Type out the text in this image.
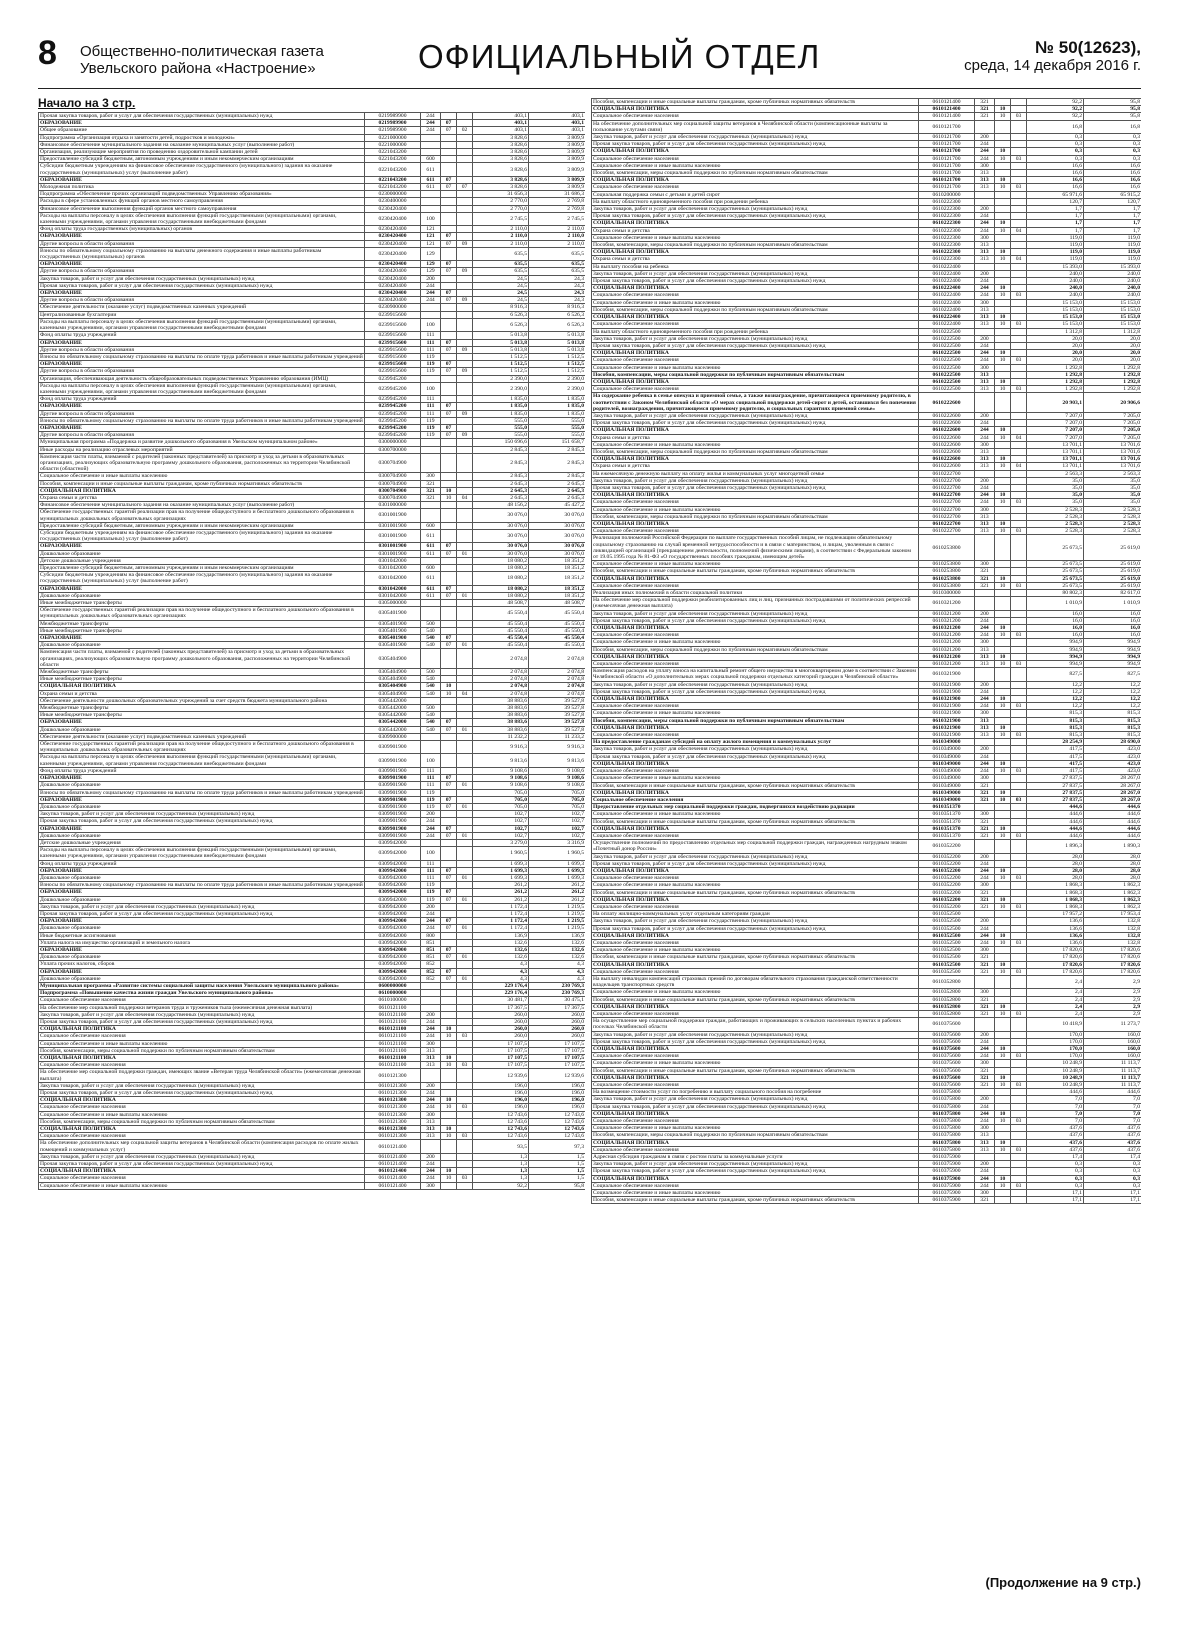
8 Общественно-политическая газета
Увельского района «Настроение»	ОФИЦИАЛЬНЫЙ ОТДЕЛ	№ 50(12623),
среда, 14 декабря 2016 г.
Начало на 3 стр.
Прочая закупка товаров, работ и услуг для обеспечения государственных (муниципальных) нужд	0219989900	244			403,1	403,1
ОБРАЗОВАНИЕ	0219989900	244	07		403,1	403,1
Общее образование	0219989900	244	07	02	403,1	403,1
Подпрограмма «Организация отдыха и занятости детей, подростков и молодежи»	0221000000				3 828,6	3 809,9
Финансовое обеспечение муниципального задания на оказание муниципальных услуг (выполнение работ)	0221000000				3 828,6	3 809,9
Организация, реализующие мероприятия по проведению оздоровительной кампании детей	0221043200				3 828,6	3 809,9
Предоставление субсидий бюджетным, автономным учреждениям и иным некоммерческим организациям	0221043200	600			3 828,6	3 809,9
Субсидии бюджетным учреждениям на финансовое обеспечение государственного (муниципального) задания на оказание государственных (муниципальных) услуг (выполнение работ)	0221043200	611			3 828,6	3 809,9
ОБРАЗОВАНИЕ	0221043200	611	07		3 828,6	3 809,9
Молодежная политика	0221043200	611	07	07	3 828,6	3 809,9
Подпрограмма «Обеспечение прочих организаций подведомственных Управлению образования»	0230000000				31 656,3	31 686,3
Расходы в сфере установленных функций органов местного самоуправления	0230400000				2 770,0	2 769,8
Финансовое обеспечение выполнения функций органов местного самоуправления	0230420400				2 770,0	2 769,8
Расходы на выплаты персоналу в целях обеспечения выполнения функций государственными (муниципальными) органами, казенными учреждениями, органами управления государственными внебюджетными фондами	0230420400	100			2 745,5	2 745,5
Фонд оплаты труда государственных (муниципальных) органов	0230420400	121			2 110,0	2 110,0
ОБРАЗОВАНИЕ	0230420400	121	07		2 110,0	2 110,0
Другие вопросы в области образования	0230420400	121	07	09	2 110,0	2 110,0
Взносы по обязательному социальному страхованию на выплаты денежного содержания и иные выплаты работникам государственных (муниципальных) органов	0230420400	129			635,5	635,5
ОБРАЗОВАНИЕ	0230420400	129	07		635,5	635,5
Другие вопросы в области образования	0230420400	129	07	09	635,5	635,5
Закупка товаров, работ и услуг для обеспечения государственных (муниципальных) нужд	0230420400	200			24,5	24,3
Прочая закупка товаров, работ и услуг для обеспечения государственных (муниципальных) нужд	0230420400	244			24,5	24,3
ОБРАЗОВАНИЕ	0230420400	244	07		24,5	24,3
Другие вопросы в области образования	0230420400	244	07	09	24,5	24,3
Обеспечение деятельности (оказание услуг) подведомственных казенных учреждений	0230900000				8 916,3	8 916,3
Централизованные бухгалтерии	0239915600				6 526,3	6 526,3
Расходы на выплаты персоналу в целях обеспечения выполнения функций государственными (муниципальными) органами, казенными учреждениями, органами управления государственными внебюджетными фондами	0239915600	100			6 526,3	6 526,3
Фонд оплаты труда учреждений	0239915600	111			5 013,8	5 013,8
ОБРАЗОВАНИЕ	0239915600	111	07		5 013,8	5 013,8
Другие вопросы в области образования	0239915600	111	07	09	5 013,8	5 013,8
Взносы по обязательному социальному страхованию на выплаты по оплате труда работников и иные выплаты работникам учреждений	0239915600	119			1 512,5	1 512,5
ОБРАЗОВАНИЕ	0239915600	119	07		1 512,5	1 512,5
Другие вопросы в области образования	0239915600	119	07	09	1 512,5	1 512,5
Организация, обеспечивающая деятельность общеобразовательных подведомственных Управлению образования (ИМЦ)	0239945200				2 390,0	2 390,0
Расходы на выплаты персоналу в целях обеспечения выполнения функций государственными (муниципальными) органами, казенными учреждениями, органами управления государственными внебюджетными фондами	0239945200	100			2 390,0	2 390,0
Фонд оплаты труда учреждений	0239945200	111			1 835,0	1 835,0
ОБРАЗОВАНИЕ	0239945200	111	07		1 835,0	1 835,0
Другие вопросы в области образования	0239945200	111	07	09	1 835,0	1 835,0
Взносы по обязательному социальному страхованию на выплаты по оплате труда работников и иные выплаты работникам учреждений	0239945200	119			555,0	555,0
ОБРАЗОВАНИЕ	0239945200	119	07		555,0	555,0
Другие вопросы в области образования	0239945200	119	07	09	555,0	555,0
Муниципальная программа «Поддержка и развитие дошкольного образования в Увельском муниципальном районе»	0300000000				150 696,6	151 658,7
Иные расходы на реализацию отраслевых мероприятий	0300700000				2 845,3	2 845,3
Компенсация части платы, взимаемой с родителей (законных представителей) за присмотр и уход за детьми в образовательных организациях, реализующих образовательную программу дошкольного образования, расположенных на территории Челябинской области (областной)	0300704900				2 845,3	2 845,3
Социальное обеспечение и иные выплаты населению	0300704900	300			2 845,3	2 845,3
Пособия, компенсации и иные социальные выплаты гражданам, кроме публичных нормативных обязательств	0300704900	321			2 645,3	2 645,3
СОЦИАЛЬНАЯ ПОЛИТИКА	0300704900	321	10		2 645,3	2 645,3
Охрана семьи и детства	0300704900	321	10	04	2 645,3	2 645,3
Финансовое обеспечение муниципального задания на оказание муниципальных услуг (выполнение работ)	0301000000				48 156,2	45 427,2
Обеспечение государственных гарантий реализации прав на получение общедоступного и бесплатного дошкольного образования в муниципальных дошкольных образовательных организациях	0301001900				30 076,0	30 076,0
Предоставление субсидий бюджетным, автономным учреждениям и иным некоммерческим организациям	0301001900	600			30 076,0	30 076,0
Субсидии бюджетным учреждениям на финансовое обеспечение государственного (муниципального) задания на оказание государственных (муниципальных) услуг (выполнение работ)	0301001900	611			30 076,0	30 076,0
ОБРАЗОВАНИЕ	0301001900	611	07		30 076,0	30 076,0
Дошкольное образование	0301001900	611	07	01	30 076,0	30 076,0
Детские дошкольные учреждения	0301042000				18 080,2	18 351,2
Предоставление субсидий бюджетным, автономным учреждениям и иным некоммерческим организациям	0301042000	600			18 080,2	18 351,2
Субсидии бюджетным учреждениям на финансовое обеспечение государственного (муниципального) задания на оказание государственных (муниципальных) услуг (выполнение работ)	0301042000	611			18 080,2	18 351,2
ОБРАЗОВАНИЕ	0301042000	611	07		18 080,2	18 351,2
Дошкольное образование	0301042000	611	07	01	18 080,2	18 351,2
Иные межбюджетные трансферты	0305000000				48 508,7	48 508,7
Обеспечение государственных гарантий реализации прав на получение общедоступного и бесплатного дошкольного образования в муниципальных дошкольных образовательных организациях	0305401900				45 550,4	45 550,4
Межбюджетные трансферты	0305401900	500			45 550,4	45 550,4
Иные межбюджетные трансферты	0305401900	540			45 550,4	45 550,4
ОБРАЗОВАНИЕ	0305401900	540	07		45 550,4	45 550,4
Дошкольное образование	0305401900	540	07	01	45 550,4	45 550,4
Компенсация части платы, взимаемой с родителей (законных представителей) за присмотр и уход за детьми в образовательных организациях, реализующих образовательную программу дошкольного образования, расположенных на территории Челябинской области	0305404900				2 074,8	2 074,8
Межбюджетные трансферты	0305404900	500			2 074,8	2 074,8
Иные межбюджетные трансферты	0305404900	540			2 074,8	2 074,8
СОЦИАЛЬНАЯ ПОЛИТИКА	0305404900	540	10		2 074,8	2 074,8
Охрана семьи и детства	0305404900	540	10	04	2 074,8	2 074,8
Обеспечение деятельности дошкольных образовательных учреждений за счет средств бюджета муниципального района	0305442000				38 883,6	39 527,8
Межбюджетные трансферты	0305442000	500			38 883,6	39 527,8
Иные межбюджетные трансферты	0305442000	540			38 883,6	39 527,8
ОБРАЗОВАНИЕ	0305442000	540	07		38 883,6	39 527,8
Дошкольное образование	0305442000	540	07	01	38 883,6	39 527,8
Обеспечение деятельности (оказание услуг) подведомственных казенных учреждений	0309900000				11 232,2	11 233,2
Обеспечение государственных гарантий реализации прав на получение общедоступного и бесплатного дошкольного образования в муниципальных дошкольных образовательных организациях	0309901900				9 916,3	9 916,3
Расходы на выплаты персоналу в целях обеспечения выполнения функций государственными (муниципальными) органами, казенными учреждениями, органами управления государственными внебюджетными фондами	0309901900	100			9 813,6	9 813,6
Фонд оплаты труда учреждений	0309901900	111			9 108,6	9 108,6
ОБРАЗОВАНИЕ	0309901900	111	07		9 108,6	9 108,6
Дошкольное образование	0309901900	111	07	01	9 108,6	9 108,6
Взносы по обязательному социальному страхованию на выплаты по оплате труда работников и иные выплаты работникам учреждений	0309901900	119			705,0	705,0
ОБРАЗОВАНИЕ	0309901900	119	07		705,0	705,0
Дошкольное образование	0309901900	119	07	01	705,0	705,0
Закупка товаров, работ и услуг для обеспечения государственных (муниципальных) нужд	0309901900	200			102,7	102,7
Прочая закупка товаров, работ и услуг для обеспечения государственных (муниципальных) нужд	0309901900	244			102,7	102,7
ОБРАЗОВАНИЕ	0309901900	244	07		102,7	102,7
Дошкольное образование	0309901900	244	07	01	102,7	102,7
Детские дошкольные учреждения	0309942000				3 279,0	3 316,9
Расходы на выплаты персоналу в целях обеспечения выполнения функций государственными (муниципальными) органами, казенными учреждениями, органами управления государственными внебюджетными фондами	0309942000	100			1 960,5	1 960,5
Фонд оплаты труда учреждений	0309942000	111			1 699,3	1 699,3
ОБРАЗОВАНИЕ	0309942000	111	07		1 699,3	1 699,3
Дошкольное образование	0309942000	111	07	01	1 699,3	1 699,3
Взносы по обязательному социальному страхованию на выплаты по оплате труда работников и иные выплаты работникам учреждений	0309942000	119			261,2	261,2
ОБРАЗОВАНИЕ	0309942000	119	07		261,2	261,2
Дошкольное образование	0309942000	119	07	01	261,2	261,2
Закупка товаров, работ и услуг для обеспечения государственных (муниципальных) нужд	0309942000	200			1 172,4	1 219,5
Прочая закупка товаров, работ и услуг для обеспечения государственных (муниципальных) нужд	0309942000	244			1 172,4	1 219,5
ОБРАЗОВАНИЕ	0309942000	244	07		1 172,4	1 219,5
Дошкольное образование	0309942000	244	07	01	1 172,4	1 219,5
Иные бюджетные ассигнования	0309942000	800			136,9	136,9
Уплата налога на имущество организаций и земельного налога	0309942000	851			132,6	132,6
ОБРАЗОВАНИЕ	0309942000	851	07		132,6	132,6
Дошкольное образование	0309942000	851	07	01	132,6	132,6
Уплата прочих налогов, сборов	0309942000	852			4,3	4,3
ОБРАЗОВАНИЕ	0309942000	852	07		4,3	4,3
Дошкольное образование	0309942000	852	07	01	4,3	4,3
Муниципальная программа «Развитие системы социальной защиты населения Увельского муниципального района»	0600000000				229 176,4	230 769,3
Подпрограмма «Повышение качества жизни граждан Увельского муниципального района»	0610000000				229 176,4	230 769,3
Социальное обеспечение населения	0610100000				30 481,7	30 475,1
На обеспечение мер социальной поддержки ветеранов труда и тружеников тыла (ежемесячная денежная выплата)	0610121100				17 367,5	17 367,5
Закупка товаров, работ и услуг для обеспечения государственных (муниципальных) нужд	0610121100	200			260,0	260,0
Прочая закупка товаров, работ и услуг для обеспечения государственных (муниципальных) нужд	0610121100	244			260,0	260,0
СОЦИАЛЬНАЯ ПОЛИТИКА	0610121100	244	10		260,0	260,0
Социальное обеспечение населения	0610121100	244	10	03	260,0	260,0
Социальное обеспечение и иные выплаты населению	0610121100	300			17 107,5	17 107,5
Пособия, компенсации, меры социальной поддержки по публичным нормативным обязательствам	0610121100	313			17 107,5	17 107,5
СОЦИАЛЬНАЯ ПОЛИТИКА	0610121100	313	10		17 107,5	17 107,5
Социальное обеспечение населения	0610121100	313	10	03	17 107,5	17 107,5
На обеспечение мер социальной поддержки граждан, имеющих звание «Ветеран труда Челябинской области» (ежемесячная денежная выплата)	0610121300				12 939,6	12 939,6
Закупка товаров, работ и услуг для обеспечения государственных (муниципальных) нужд	0610121300	200			196,0	196,0
Прочая закупка товаров, работ и услуг для обеспечения государственных (муниципальных) нужд	0610121300	244			196,0	196,0
СОЦИАЛЬНАЯ ПОЛИТИКА	0610121300	244	10		196,0	196,0
Социальное обеспечение населения	0610121300	244	10	03	196,0	196,0
Социальное обеспечение и иные выплаты населению	0610121300	300			12 743,6	12 743,6
Пособия, компенсации, меры социальной поддержки по публичным нормативным обязательствам	0610121300	313			12 743,6	12 743,6
СОЦИАЛЬНАЯ ПОЛИТИКА	0610121300	313	10		12 743,6	12 743,6
Социальное обеспечение населения	0610121300	313	10	03	12 743,6	12 743,6
На обеспечение дополнительных мер социальной защиты ветеранов в Челябинской области (компенсация расходов по оплате жилых помещений и коммунальных услуг)	0610121400				93,5	97,3
Закупка товаров, работ и услуг для обеспечения государственных (муниципальных) нужд	0610121400	200			1,3	1,5
Прочая закупка товаров, работ и услуг для обеспечения государственных (муниципальных) нужд	0610121400	244			1,3	1,5
СОЦИАЛЬНАЯ ПОЛИТИКА	0610121400	244	10		1,3	1,5
Социальное обеспечение населения	0610121400	244	10	03	1,3	1,5
Социальное обеспечение и иные выплаты населению	0610121400	300			92,2	95,8
Пособия, компенсации и иные социальные выплаты гражданам, кроме публичных нормативных обязательств	0610121400	321			92,2	95,8
СОЦИАЛЬНАЯ ПОЛИТИКА	0610121400	321	10		92,2	95,8
Социальное обеспечение населения	0610121400	321	10	03	92,2	95,8
На обеспечение дополнительных мер социальной защиты ветеранов в Челябинской области (компенсационные выплаты за пользование услугами связи)	0610121700				16,8	16,8
Закупка товаров, работ и услуг для обеспечения государственных (муниципальных) нужд	0610121700	200			0,3	0,3
Прочая закупка товаров, работ и услуг для обеспечения государственных (муниципальных) нужд	0610121700	244			0,3	0,3
СОЦИАЛЬНАЯ ПОЛИТИКА	0610121700	244	10		0,3	0,3
Социальное обеспечение населения	0610121700	244	10	03	0,3	0,3
Социальное обеспечение и иные выплаты населению	0610121700	300			16,6	16,6
Пособия, компенсации, меры социальной поддержки по публичным нормативным обязательствам	0610121700	313			16,6	16,6
СОЦИАЛЬНАЯ ПОЛИТИКА	0610121700	313	10		16,6	16,6
Социальное обеспечение населения	0610121700	313	10	03	16,6	16,6
Социальная поддержка семьи с детьми и детей сирот	0610200000				65 971,6	65 915,2
На выплату областного единовременного пособия при рождении ребенка	0610222300				120,7	120,7
Закупка товаров, работ и услуг для обеспечения государственных (муниципальных) нужд	0610222300	200			1,7	1,7
Прочая закупка товаров, работ и услуг для обеспечения государственных (муниципальных) нужд	0610222300	244			1,7	1,7
СОЦИАЛЬНАЯ ПОЛИТИКА	0610222300	244	10		1,7	1,7
Охрана семьи и детства	0610222300	244	10	04	1,7	1,7
Социальное обеспечение и иные выплаты населению	0610222300	300			119,0	119,0
Пособия, компенсации, меры социальной поддержки по публичным нормативным обязательствам	0610222300	313			119,0	119,0
СОЦИАЛЬНАЯ ПОЛИТИКА	0610222300	313	10		119,0	119,0
Охрана семьи и детства	0610222300	313	10	04	119,0	119,0
На выплату пособия на ребенка	0610222400				15 393,0	15 393,0
Закупка товаров, работ и услуг для обеспечения государственных (муниципальных) нужд	0610222400	200			240,0	240,0
Прочая закупка товаров, работ и услуг для обеспечения государственных (муниципальных) нужд	0610222400	244			240,0	240,0
СОЦИАЛЬНАЯ ПОЛИТИКА	0610222400	244	10		240,0	240,0
Социальное обеспечение населения	0610222400	244	10	03	240,0	240,0
Социальное обеспечение и иные выплаты населению	0610222400	300			15 153,0	15 153,0
Пособия, компенсации, меры социальной поддержки по публичным нормативным обязательствам	0610222400	313			15 153,0	15 153,0
СОЦИАЛЬНАЯ ПОЛИТИКА	0610222400	313	10		15 153,0	15 153,0
Социальное обеспечение населения	0610222400	313	10	03	15 153,0	15 153,0
На выплату областного единовременного пособия при рождении ребенка	0610222500				1 312,8	1 312,8
Закупка товаров, работ и услуг для обеспечения государственных (муниципальных) нужд	0610222500	200			20,0	20,0
Прочая закупка товаров, работ и услуг для обеспечения государственных (муниципальных) нужд	0610222500	244			20,0	20,0
СОЦИАЛЬНАЯ ПОЛИТИКА	0610222500	244	10		20,0	20,0
Социальное обеспечение населения	0610222500	244	10	03	20,0	20,0
Социальное обеспечение и иные выплаты населению	0610222500	300			1 292,8	1 292,8
Пособия, компенсации, меры социальной поддержки по публичным нормативным обязательствам	0610222500	313			1 292,8	1 292,8
СОЦИАЛЬНАЯ ПОЛИТИКА	0610222500	313	10		1 292,8	1 292,8
Социальное обеспечение населения	0610222500	313	10	03	1 292,8	1 292,8
На содержание ребенка в семье опекуна и приемной семье, а также вознаграждение, причитающееся приемному родителю, в соответствии с Законом Челябинской области «О мерах социальной поддержки детей-сирот и детей, оставшихся без попечения родителей, вознаграждении, причитающемся приемному родителю, и социальных гарантиях приемной семье»	0610222600				20 903,1	20 906,6
Закупка товаров, работ и услуг для обеспечения государственных (муниципальных) нужд	0610222600	200			7 207,0	7 205,0
Прочая закупка товаров, работ и услуг для обеспечения государственных (муниципальных) нужд	0610222600	244			7 207,0	7 205,0
СОЦИАЛЬНАЯ ПОЛИТИКА	0610222600	244	10		7 207,0	7 205,0
Охрана семьи и детства	0610222600	244	10	04	7 207,0	7 205,0
Социальное обеспечение и иные выплаты населению	0610222600	300			13 701,1	13 701,6
Пособия, компенсации, меры социальной поддержки по публичным нормативным обязательствам	0610222600	313			13 701,1	13 701,6
СОЦИАЛЬНАЯ ПОЛИТИКА	0610222600	313	10		13 701,1	13 701,6
Охрана семьи и детства	0610222600	313	10	04	13 701,1	13 701,6
На ежемесячную денежную выплату на оплату жилья и коммунальных услуг многодетной семье	0610222700				2 563,3	2 563,3
Закупка товаров, работ и услуг для обеспечения государственных (муниципальных) нужд	0610222700	200			35,0	35,0
Прочая закупка товаров, работ и услуг для обеспечения государственных (муниципальных) нужд	0610222700	244			35,0	35,0
СОЦИАЛЬНАЯ ПОЛИТИКА	0610222700	244	10		35,0	35,0
Социальное обеспечение населения	0610222700	244	10	03	35,0	35,0
Социальное обеспечение и иные выплаты населению	0610222700	300			2 528,3	2 528,3
Пособия, компенсации, меры социальной поддержки по публичным нормативным обязательствам	0610222700	313			2 528,3	2 528,3
СОЦИАЛЬНАЯ ПОЛИТИКА	0610222700	313	10		2 528,3	2 528,3
Социальное обеспечение населения	0610222700	313	10	03	2 528,3	2 528,3
Реализация полномочий Российской Федерации по выплате государственных пособий лицам, не подлежащим обязательному социальному страхованию на случай временной нетрудоспособности и в связи с материнством, и лицам, уволенным в связи с ликвидацией организаций (прекращением деятельности, полномочий физическими лицами), в соответствии с Федеральным законом от 19.05.1995 года № 81-ФЗ «О государственных пособиях гражданам, имеющим детей»	0610253800				25 673,5	25 619,0
Социальное обеспечение и иные выплаты населению	0610253800	300			25 673,5	25 619,0
Пособия, компенсации и иные социальные выплаты гражданам, кроме публичных нормативных обязательств	0610253800	321			25 673,5	25 619,0
СОЦИАЛЬНАЯ ПОЛИТИКА	0610253800	321	10		25 673,5	25 619,0
Социальное обеспечение населения	0610253800	321	10	03	25 673,5	25 619,0
Реализация иных полномочий в области социальной политики	0610300000				80 802,3	82 617,0
На обеспечение мер социальной поддержки реабилитированных лиц и лиц, признанных пострадавшими от политических репрессий (ежемесячная денежная выплата)	0610321200				1 010,9	1 010,9
Закупка товаров, работ и услуг для обеспечения государственных (муниципальных) нужд	0610321200	200			16,0	16,0
Прочая закупка товаров, работ и услуг для обеспечения государственных (муниципальных) нужд	0610321200	244			16,0	16,0
СОЦИАЛЬНАЯ ПОЛИТИКА	0610321200	244	10		16,0	16,0
Социальное обеспечение населения	0610321200	244	10	03	16,0	16,0
Социальное обеспечение и иные выплаты населению	0610321200	300			994,9	994,9
Пособия, компенсации, меры социальной поддержки по публичным нормативным обязательствам	0610321200	313			994,9	994,9
СОЦИАЛЬНАЯ ПОЛИТИКА	0610321200	313	10		994,9	994,9
Социальное обеспечение населения	0610321200	313	10	03	994,9	994,9
Компенсация расходов на уплату взноса на капитальный ремонт общего имущества в многоквартирном доме в соответствии с Законом Челябинской области «О дополнительных мерах социальной поддержки отдельных категорий граждан в Челябинской области»	0610321900				827,5	827,5
Закупка товаров, работ и услуг для обеспечения государственных (муниципальных) нужд	0610321900	200			12,2	12,2
Прочая закупка товаров, работ и услуг для обеспечения государственных (муниципальных) нужд	0610321900	244			12,2	12,2
СОЦИАЛЬНАЯ ПОЛИТИКА	0610321900	244	10		12,2	12,2
Социальное обеспечение населения	0610321900	244	10	03	12,2	12,2
Социальное обеспечение и иные выплаты населению	0610321900	300			815,3	815,3
Пособия, компенсации, меры социальной поддержки по публичным нормативным обязательствам	0610321900	313			815,3	815,3
СОЦИАЛЬНАЯ ПОЛИТИКА	0610321900	313	10		815,3	815,3
Социальное обеспечение населения	0610321900	313	10	03	815,3	815,3
На предоставление гражданам субсидий на оплату жилого помещения и коммунальных услуг	0610349000				28 254,9	28 690,0
Закупка товаров, работ и услуг для обеспечения государственных (муниципальных) нужд	0610349000	200			417,5	423,0
Прочая закупка товаров, работ и услуг для обеспечения государственных (муниципальных) нужд	0610349000	244			417,5	423,0
СОЦИАЛЬНАЯ ПОЛИТИКА	0610349000	244	10		417,5	423,0
Социальное обеспечение населения	0610349000	244	10	03	417,5	423,0
Социальное обеспечение и иные выплаты населению	0610349000	300			27 837,5	28 267,0
Пособия, компенсации и иные социальные выплаты гражданам, кроме публичных нормативных обязательств	0610349000	321			27 837,5	28 267,0
СОЦИАЛЬНАЯ ПОЛИТИКА	0610349000	321	10		27 837,5	28 267,0
Социальное обеспечение населения	0610349000	321	10	03	27 837,5	28 267,0
Предоставление отдельных мер социальной поддержки граждан, подвергшихся воздействию радиации	0610351370				444,6	444,6
Социальное обеспечение и иные выплаты населению	0610351370	300			444,6	444,6
Пособия, компенсации и иные социальные выплаты гражданам, кроме публичных нормативных обязательств	0610351370	321			444,6	444,6
СОЦИАЛЬНАЯ ПОЛИТИКА	0610351370	321	10		444,6	444,6
Социальное обеспечение населения	0610351370	321	10	03	444,6	444,6
Осуществление полномочий по предоставлению отдельных мер социальной поддержки граждан, награжденных нагрудным знаком «Почетный донор России»	0610352200				1 896,3	1 890,3
Закупка товаров, работ и услуг для обеспечения государственных (муниципальных) нужд	0610352200	200			28,0	28,0
Прочая закупка товаров, работ и услуг для обеспечения государственных (муниципальных) нужд	0610352200	244			28,0	28,0
СОЦИАЛЬНАЯ ПОЛИТИКА	0610352200	244	10		28,0	28,0
Социальное обеспечение населения	0610352200	244	10	03	28,0	28,0
Социальное обеспечение и иные выплаты населению	0610352200	300			1 868,3	1 862,3
Пособия, компенсации и иные социальные выплаты гражданам, кроме публичных нормативных обязательств	0610352200	321			1 868,3	1 862,3
СОЦИАЛЬНАЯ ПОЛИТИКА	0610352200	321	10		1 868,3	1 862,3
Социальное обеспечение населения	0610352200	321	10	03	1 868,3	1 862,3
На оплату жилищно-коммунальных услуг отдельным категориям граждан	0610352500				17 957,2	17 953,4
Закупка товаров, работ и услуг для обеспечения государственных (муниципальных) нужд	0610352500	200			136,6	132,8
Прочая закупка товаров, работ и услуг для обеспечения государственных (муниципальных) нужд	0610352500	244			136,6	132,8
СОЦИАЛЬНАЯ ПОЛИТИКА	0610352500	244	10		136,6	132,8
Социальное обеспечение населения	0610352500	244	10	03	136,6	132,8
Социальное обеспечение и иные выплаты населению	0610352500	300			17 820,6	17 820,6
Пособия, компенсации и иные социальные выплаты гражданам, кроме публичных нормативных обязательств	0610352500	321			17 820,6	17 820,6
СОЦИАЛЬНАЯ ПОЛИТИКА	0610352500	321	10		17 820,6	17 820,6
Социальное обеспечение населения	0610352500	321	10	03	17 820,6	17 820,6
На выплату инвалидам компенсаций страховых премий по договорам обязательного страхования гражданской ответственности владельцев транспортных средств	0610352800				2,4	2,9
Социальное обеспечение и иные выплаты населению	0610352800	300			2,4	2,9
Пособия, компенсации и иные социальные выплаты гражданам, кроме публичных нормативных обязательств	0610352800	321			2,4	2,9
СОЦИАЛЬНАЯ ПОЛИТИКА	0610352800	321	10		2,4	2,9
Социальное обеспечение населения	0610352800	321	10	03	2,4	2,9
На осуществление мер социальной поддержки граждан, работающих и проживающих в сельских населенных пунктах и рабочих поселках Челябинской области	0610375600				10 418,9	11 273,7
Закупка товаров, работ и услуг для обеспечения государственных (муниципальных) нужд	0610375600	200			170,0	160,0
Прочая закупка товаров, работ и услуг для обеспечения государственных (муниципальных) нужд	0610375600	244			170,0	160,0
СОЦИАЛЬНАЯ ПОЛИТИКА	0610375600	244	10		170,0	160,0
Социальное обеспечение населения	0610375600	244	10	03	170,0	160,0
Социальное обеспечение и иные выплаты населению	0610375600	300			10 248,9	11 113,7
Пособия, компенсации и иные социальные выплаты гражданам, кроме публичных нормативных обязательств	0610375600	321			10 248,9	11 113,7
СОЦИАЛЬНАЯ ПОЛИТИКА	0610375600	321	10		10 248,9	11 113,7
Социальное обеспечение населения	0610375600	321	10	03	10 248,9	11 113,7
На возмещение стоимости услуг по погребению и выплату социального пособия на погребение	0610375800				444,6	444,6
Закупка товаров, работ и услуг для обеспечения государственных (муниципальных) нужд	0610375800	200			7,0	7,0
Прочая закупка товаров, работ и услуг для обеспечения государственных (муниципальных) нужд	0610375800	244			7,0	7,0
СОЦИАЛЬНАЯ ПОЛИТИКА	0610375800	244	10		7,0	7,0
Социальное обеспечение населения	0610375800	244	10	03	7,0	7,0
Социальное обеспечение и иные выплаты населению	0610375800	300			437,6	437,6
Пособия, компенсации, меры социальной поддержки по публичным нормативным обязательствам	0610375800	313			437,6	437,6
СОЦИАЛЬНАЯ ПОЛИТИКА	0610375800	313	10		437,6	437,6
Социальное обеспечение населения	0610375800	313	10	03	437,6	437,6
Адресная субсидия гражданам в связи с ростом платы за коммунальные услуги	0610375900				17,4	17,4
Закупка товаров, работ и услуг для обеспечения государственных (муниципальных) нужд	0610375900	200			0,3	0,3
Прочая закупка товаров, работ и услуг для обеспечения государственных (муниципальных) нужд	0610375900	244			0,3	0,3
СОЦИАЛЬНАЯ ПОЛИТИКА	0610375900	244	10		0,3	0,3
Социальное обеспечение населения	0610375900	244	10	03	0,3	0,3
Социальное обеспечение и иные выплаты населению	0610375900	300			17,1	17,1
Пособия, компенсации и иные социальные выплаты гражданам, кроме публичных нормативных обязательств	0610375900	321			17,1	17,1
(Продолжение на 9 стр.)
